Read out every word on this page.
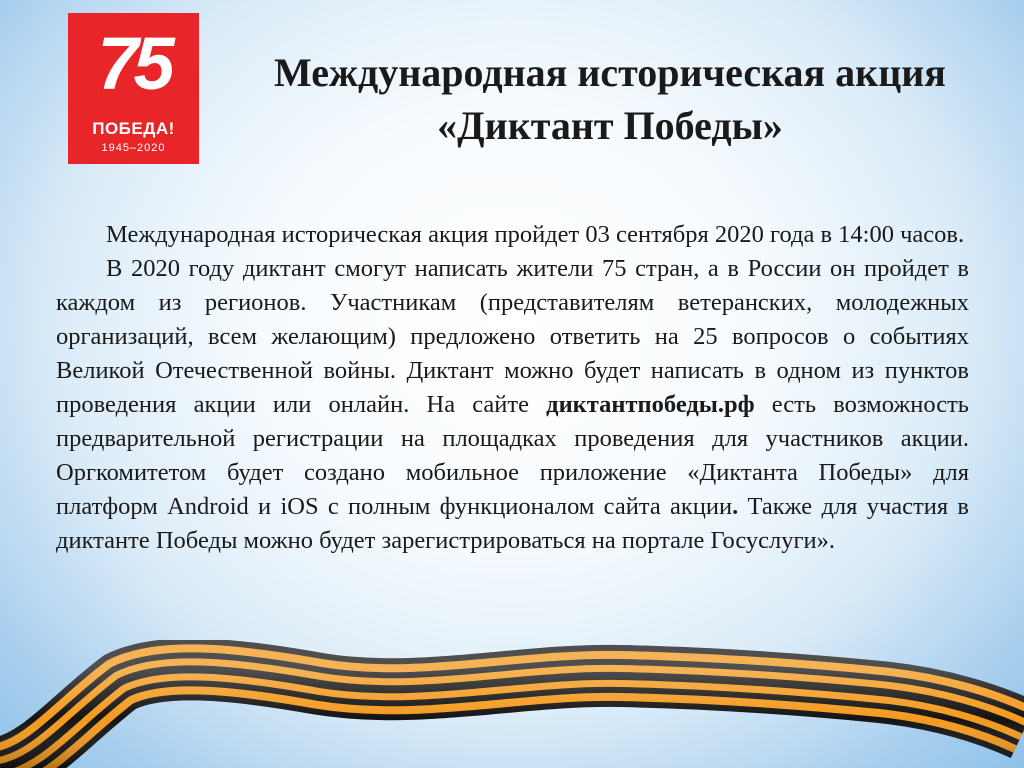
75
ПОБЕДА!
1945–2020
Международная историческая акция
«Диктант Победы»

Международная историческая акция пройдет 03 сентября 2020 года в 14:00 часов.

В 2020 году диктант смогут написать жители 75 стран, а в России он пройдет в каждом из регионов. Участникам (представителям ветеранских, молодежных организаций, всем желающим) предложено ответить на 25 вопросов о событиях Великой Отечественной войны. Диктант можно будет написать в одном из пунктов проведения акции или онлайн. На сайте диктантпобеды.рф есть возможность предварительной регистрации на площадках проведения для участников акции. Оргкомитетом будет создано мобильное приложение «Диктанта Победы» для платформ Android и iOS с полным функционалом сайта акции. Также для участия в диктанте Победы можно будет зарегистрироваться на портале Госуслуги».
